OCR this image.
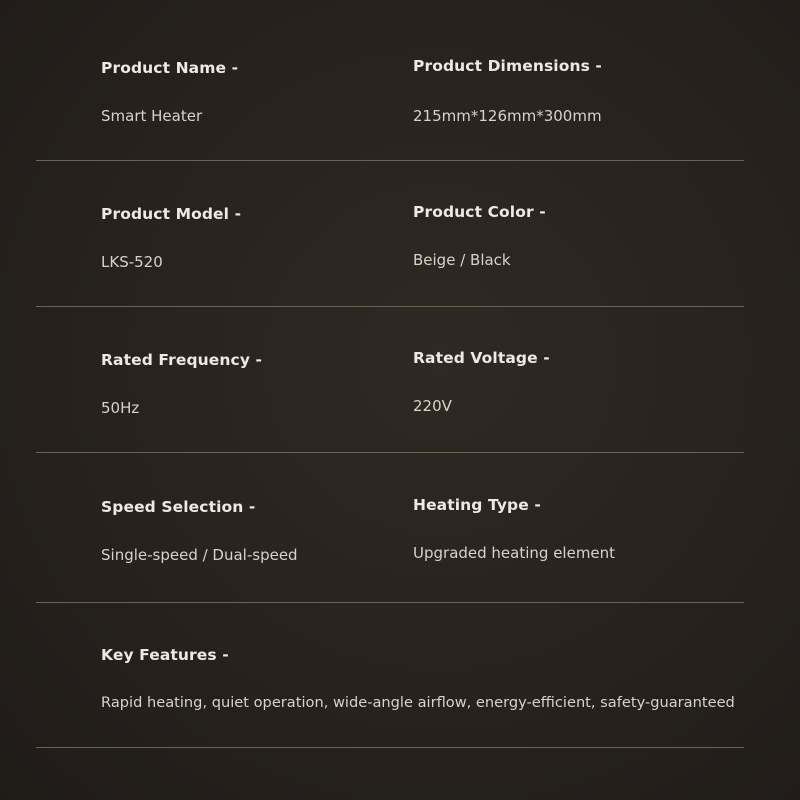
Product Name -
Smart Heater
Product Dimensions -
215mm*126mm*300mm
Product Model -
LKS-520
Product Color -
Beige / Black
Rated Frequency -
50Hz
Rated Voltage -
220V
Speed Selection -
Single-speed / Dual-speed
Heating Type -
Upgraded heating element
Key Features -
Rapid heating, quiet operation, wide-angle airflow, energy-efficient, safety-guaranteed
